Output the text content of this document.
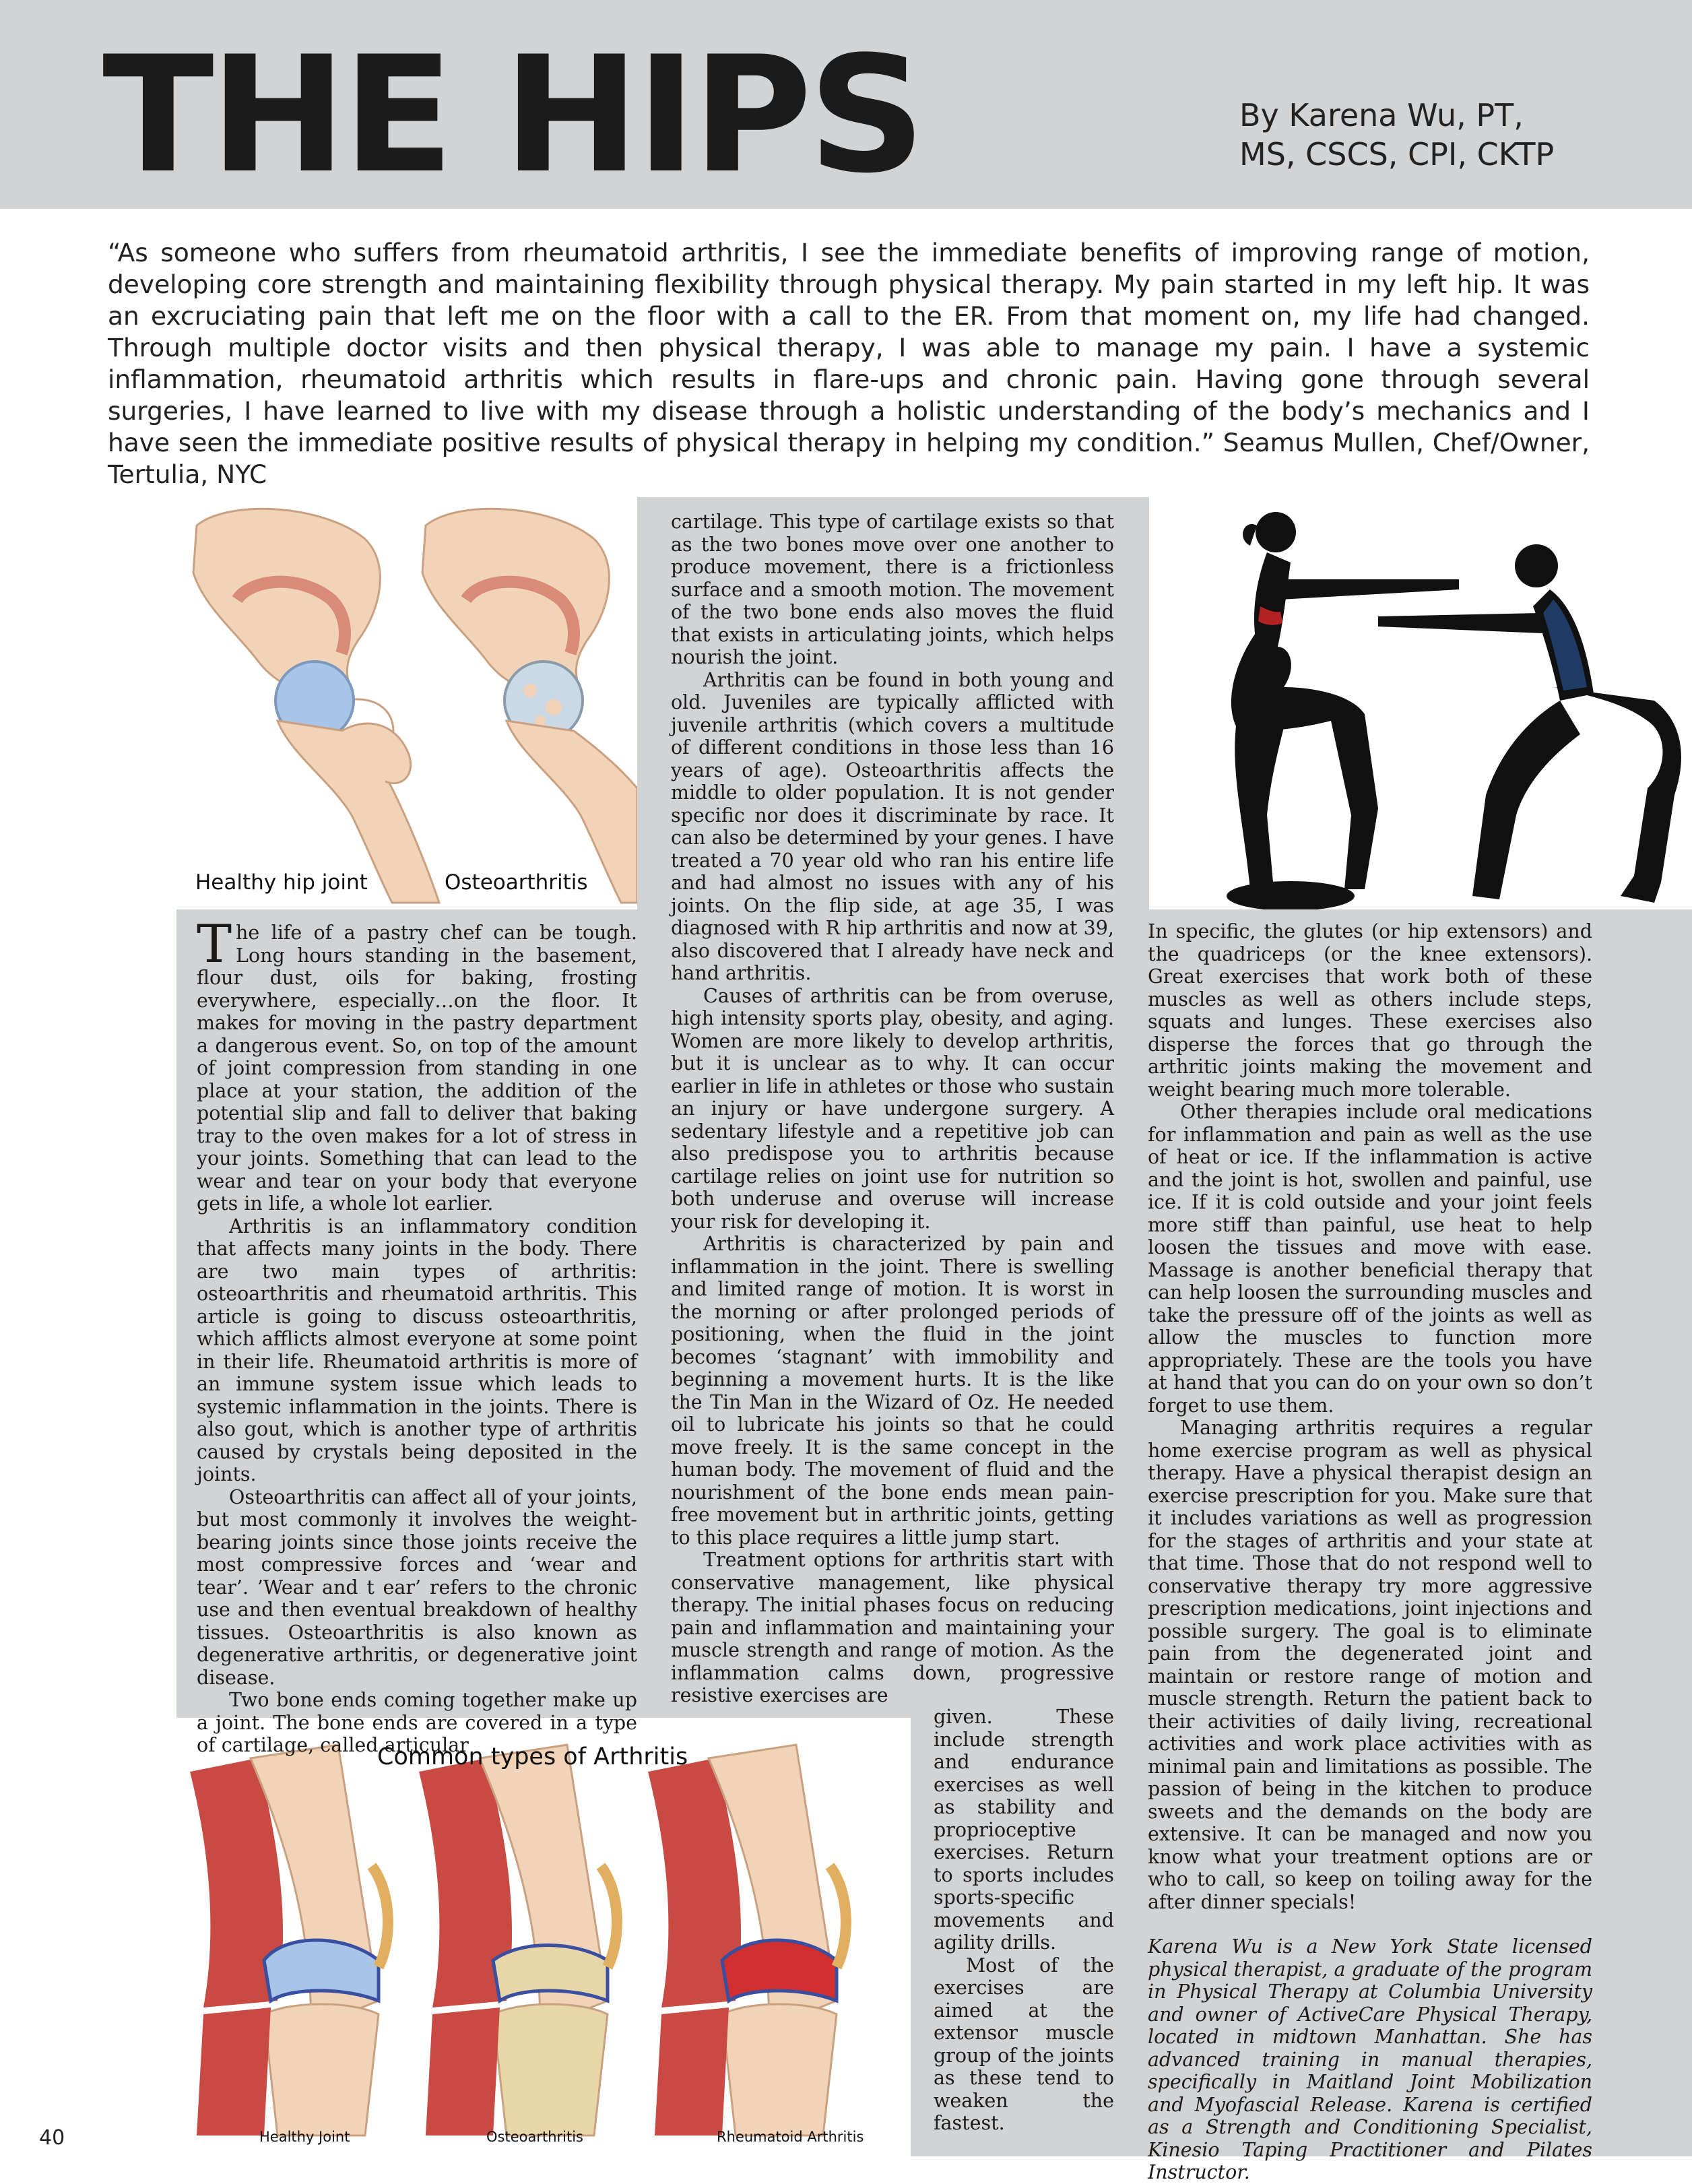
THE HIPS	By Karena Wu, PT,
MS, CSCS, CPI, CKTP
“As someone who suffers from rheumatoid arthritis, I see the immediate benefits of improving range of motion, developing core strength and maintaining flexibility through physical therapy. My pain started in my left hip. It was an excruciating pain that left me on the floor with a call to the ER. From that moment on, my life had changed. Through multiple doctor visits and then physical therapy, I was able to manage my pain. I have a systemic inflammation, rheumatoid arthritis which results in flare-ups and chronic pain. Having gone through several surgeries, I have learned to live with my disease through a holistic understanding of the body’s mechanics and I have seen the immediate positive results of physical therapy in helping my condition.” Seamus Mullen, Chef/Owner, Tertulia, NYC
Healthy hip joint	Osteoarthritis
Common types of Arthritis
Healthy Joint	Osteoarthritis	Rheumatoid Arthritis

The life of a pastry chef can be tough. Long hours standing in the basement, flour dust, oils for baking, frosting everywhere, especially…on the floor. It makes for moving in the pastry department a dangerous event. So, on top of the amount of joint compression from standing in one place at your station, the addition of the potential slip and fall to deliver that baking tray to the oven makes for a lot of stress in your joints. Something that can lead to the wear and tear on your body that everyone gets in life, a whole lot earlier.

Arthritis is an inflammatory condition that affects many joints in the body. There are two main types of arthritis: osteoarthritis and rheumatoid arthritis. This article is going to discuss osteoarthritis, which afflicts almost everyone at some point in their life. Rheumatoid arthritis is more of an immune system issue which leads to systemic inflammation in the joints. There is also gout, which is another type of arthritis caused by crystals being deposited in the joints.

Osteoarthritis can affect all of your joints, but most commonly it involves the weight-bearing joints since those joints receive the most compressive forces and ‘wear and tear’. ’Wear and t ear’ refers to the chronic use and then eventual breakdown of healthy tissues. Osteoarthritis is also known as degenerative arthritis, or degenerative joint disease.

Two bone ends coming together make up a joint. The bone ends are covered in a type of cartilage, called articular

cartilage. This type of cartilage exists so that as the two bones move over one another to produce movement, there is a frictionless surface and a smooth motion. The movement of the two bone ends also moves the fluid that exists in articulating joints, which helps nourish the joint.

Arthritis can be found in both young and old. Juveniles are typically afflicted with juvenile arthritis (which covers a multitude of different conditions in those less than 16 years of age). Osteoarthritis affects the middle to older population. It is not gender specific nor does it discriminate by race. It can also be determined by your genes. I have treated a 70 year old who ran his entire life and had almost no issues with any of his joints. On the flip side, at age 35, I was diagnosed with R hip arthritis and now at 39, also discovered that I already have neck and hand arthritis.

Causes of arthritis can be from overuse, high intensity sports play, obesity, and aging. Women are more likely to develop arthritis, but it is unclear as to why. It can occur earlier in life in athletes or those who sustain an injury or have undergone surgery. A sedentary lifestyle and a repetitive job can also predispose you to arthritis because cartilage relies on joint use for nutrition so both underuse and overuse will increase your risk for developing it.

Arthritis is characterized by pain and inflammation in the joint. There is swelling and limited range of motion. It is worst in the morning or after prolonged periods of positioning, when the fluid in the joint becomes ‘stagnant’ with immobility and beginning a movement hurts. It is the like the Tin Man in the Wizard of Oz. He needed oil to lubricate his joints so that he could move freely. It is the same concept in the human body. The movement of fluid and the nourishment of the bone ends mean pain-free movement but in arthritic joints, getting to this place requires a little jump start.

Treatment options for arthritis start with conservative management, like physical therapy. The initial phases focus on reducing pain and inflammation and maintaining your muscle strength and range of motion. As the inflammation calms down, progressive resistive exercises are

given. These include strength and endurance exercises as well as stability and proprioceptive exercises. Return to sports includes sports-specific movements and agility drills.

Most of the exercises are aimed at the extensor muscle group of the joints as these tend to weaken the fastest.

In specific, the glutes (or hip extensors) and the quadriceps (or the knee extensors). Great exercises that work both of these muscles as well as others include steps, squats and lunges. These exercises also disperse the forces that go through the arthritic joints making the movement and weight bearing much more tolerable.

Other therapies include oral medications for inflammation and pain as well as the use of heat or ice. If the inflammation is active and the joint is hot, swollen and painful, use ice. If it is cold outside and your joint feels more stiff than painful, use heat to help loosen the tissues and move with ease. Massage is another beneficial therapy that can help loosen the surrounding muscles and take the pressure off of the joints as well as allow the muscles to function more appropriately. These are the tools you have at hand that you can do on your own so don’t forget to use them.

Managing arthritis requires a regular home exercise program as well as physical therapy. Have a physical therapist design an exercise prescription for you. Make sure that it includes variations as well as progression for the stages of arthritis and your state at that time. Those that do not respond well to conservative therapy try more aggressive prescription medications, joint injections and possible surgery. The goal is to eliminate pain from the degenerated joint and maintain or restore range of motion and muscle strength. Return the patient back to their activities of daily living, recreational activities and work place activities with as minimal pain and limitations as possible. The passion of being in the kitchen to produce sweets and the demands on the body are extensive. It can be managed and now you know what your treatment options are or who to call, so keep on toiling away for the after dinner specials!

Karena Wu is a New York State licensed physical therapist, a graduate of the program in Physical Therapy at Columbia University and owner of ActiveCare Physical Therapy, located in midtown Manhattan. She has advanced training in manual therapies, specifically in Maitland Joint Mobilization and Myofascial Release. Karena is certified as a Strength and Conditioning Specialist, Kinesio Taping Practitioner and Pilates Instructor.

40
